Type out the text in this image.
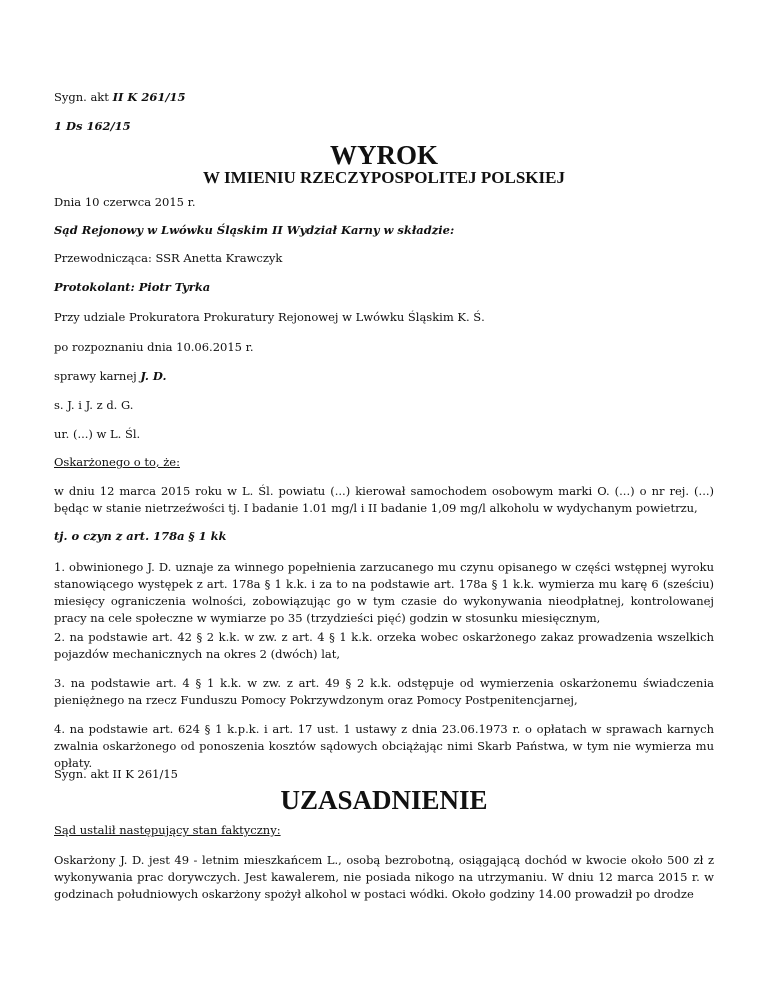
Sygn. akt II K 261/15

1 Ds 162/15

WYROK
W IMIENIU RZECZYPOSPOLITEJ POLSKIEJ

Dnia 10 czerwca 2015 r.

Sąd Rejonowy w Lwówku Śląskim II Wydział Karny w składzie:

Przewodnicząca: SSR Anetta Krawczyk

Protokolant: Piotr Tyrka

Przy udziale Prokuratora Prokuratury Rejonowej w Lwówku Śląskim K. Ś.

po rozpoznaniu dnia 10.06.2015 r.

sprawy karnej J. D.

s. J. i J. z d. G.

ur. (...) w L. Śl.

Oskarżonego o to, że:

w dniu 12 marca 2015 roku w L. Śl. powiatu (...) kierował samochodem osobowym marki O. (...) o nr rej. (...) będąc w stanie nietrzeźwości tj. I badanie 1.01 mg/l i II badanie 1,09 mg/l alkoholu w wydychanym powietrzu,

tj. o czyn z art. 178a § 1 kk

1. obwinionego J. D. uznaje za winnego popełnienia zarzucanego mu czynu opisanego w części wstępnej wyroku stanowiącego występek z art. 178a § 1 k.k. i za to na podstawie art. 178a § 1 k.k. wymierza mu karę 6 (sześciu) miesięcy ograniczenia wolności, zobowiązując go w tym czasie do wykonywania nieodpłatnej, kontrolowanej pracy na cele społeczne w wymiarze po 35 (trzydzieści pięć) godzin w stosunku miesięcznym,

2. na podstawie art. 42 § 2 k.k. w zw. z art. 4 § 1 k.k. orzeka wobec oskarżonego zakaz prowadzenia wszelkich pojazdów mechanicznych na okres 2 (dwóch) lat,

3. na podstawie art. 4 § 1 k.k. w zw. z art. 49 § 2 k.k. odstępuje od wymierzenia oskarżonemu świadczenia pieniężnego na rzecz Funduszu Pomocy Pokrzywdzonym oraz Pomocy Postpenitencjarnej,

4. na podstawie art. 624 § 1 k.p.k. i art. 17 ust. 1 ustawy z dnia 23.06.1973 r. o opłatach w sprawach karnych zwalnia oskarżonego od ponoszenia kosztów sądowych obciążając nimi Skarb Państwa, w tym nie wymierza mu opłaty.

Sygn. akt II K 261/15

UZASADNIENIE

Sąd ustalił następujący stan faktyczny:

Oskarżony J. D. jest 49 - letnim mieszkańcem L., osobą bezrobotną, osiągającą dochód w kwocie około 500 zł z wykonywania prac dorywczych. Jest kawalerem, nie posiada nikogo na utrzymaniu. W dniu 12 marca 2015 r. w godzinach południowych oskarżony spożył alkohol w postaci wódki. Około godziny 14.00 prowadził po drodze
